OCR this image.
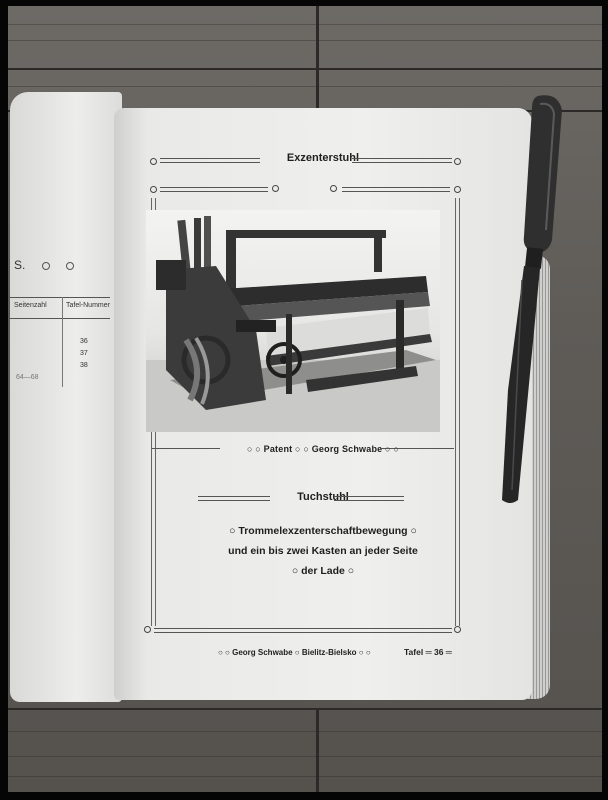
S.
Seitenzahl	Tafel-Nummer
36
37
38
64—68
Exzenterstuhl
○ ○ Patent ○ ○ Georg Schwabe ○ ○
Tuchstuhl
○ Trommelexzenterschaftbewegung ○
und ein bis zwei Kasten an jeder Seite
○ der Lade ○
○ ○ Georg Schwabe ○ Bielitz-Bielsko ○ ○	Tafel ═ 36 ═
